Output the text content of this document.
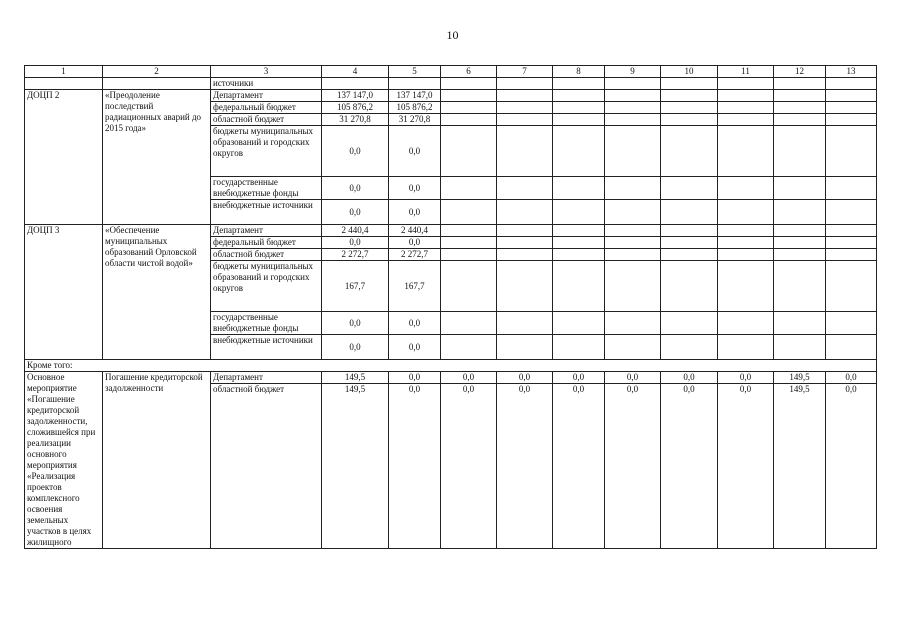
10
1	2	3	4	5	6	7	8	9	10	11	12	13
		источники										
ДОЦП 2	«Преодоление последствий радиационных аварий до 2015 года»	Департамент	137 147,0	137 147,0								
		федеральный бюджет	105 876,2	105 876,2								
		областной бюджет	31 270,8	31 270,8								
		бюджеты муниципальных образований и городских округов	0,0	0,0								
		государственные внебюджетные фонды	0,0	0,0								
		внебюджетные источники	0,0	0,0								
ДОЦП 3	«Обеспечение муниципальных образований Орловской области чистой водой»	Департамент	2 440,4	2 440,4								
		федеральный бюджет	0,0	0,0								
		областной бюджет	2 272,7	2 272,7								
		бюджеты муниципальных образований и городских округов	167,7	167,7								
		государственные внебюджетные фонды	0,0	0,0								
		внебюджетные источники	0,0	0,0								
Кроме того:												
Основное мероприятие «Погашение кредиторской задолженности, сложившейся при реализации основного мероприятия «Реализация проектов комплексного освоения земельных участков в целях жилищного	Погашение кредиторской задолженности	Департамент	149,5	0,0	0,0	0,0	0,0	0,0	0,0	0,0	149,5	0,0
		областной бюджет	149,5	0,0	0,0	0,0	0,0	0,0	0,0	0,0	149,5	0,0
